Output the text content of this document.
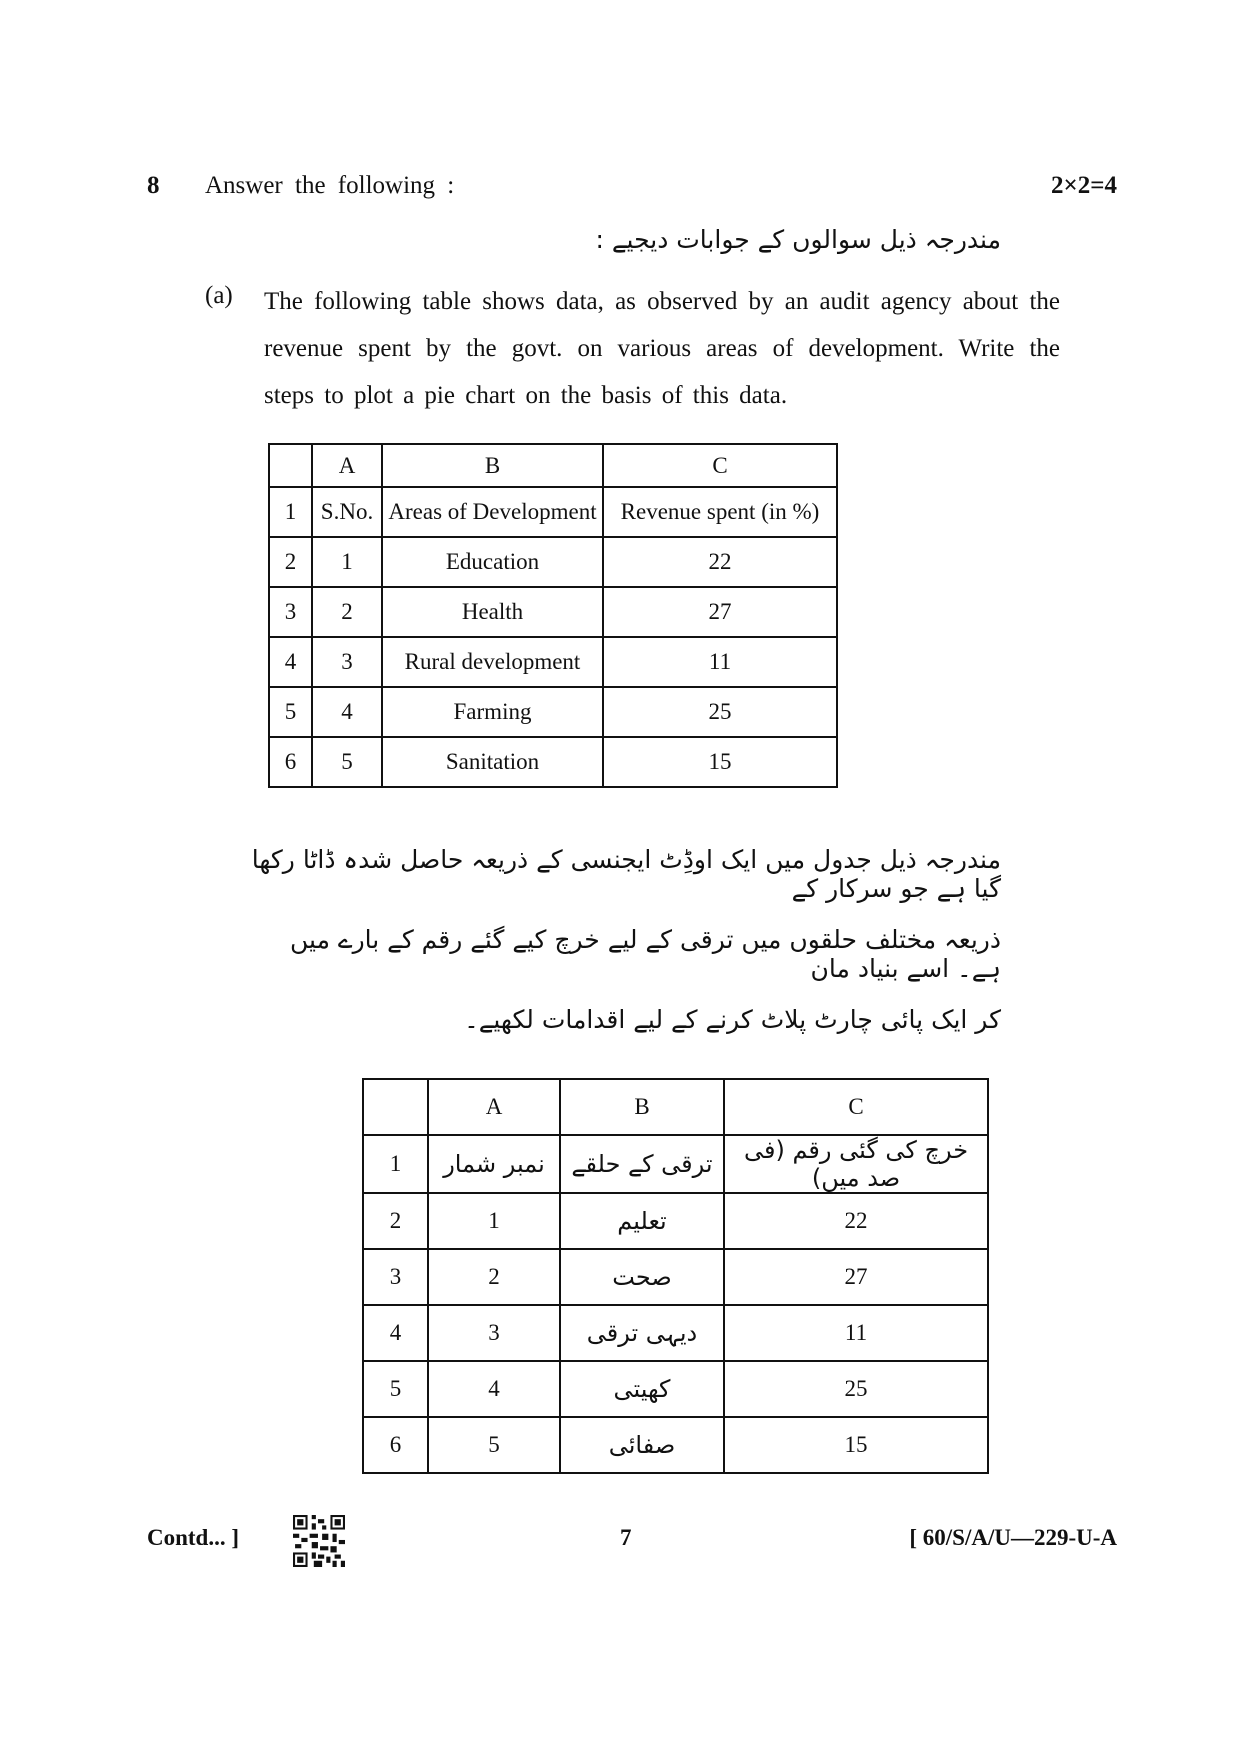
8 Answer the following :	2×2=4
مندرجہ ذیل سوالوں کے جوابات دیجیے :
(a) The following table shows data, as observed by an audit agency about the revenue spent by the govt. on various areas of development. Write the steps to plot a pie chart on the basis of this data.
	A	B	C
1	S.No.	Areas of Development	Revenue spent (in %)
2	1	Education	22
3	2	Health	27
4	3	Rural development	11
5	4	Farming	25
6	5	Sanitation	15
مندرجہ ذیل جدول میں ایک اوڈِٹ ایجنسی کے ذریعہ حاصل شدہ ڈاٹا رکھا گیا ہے جو سرکار کے
ذریعہ مختلف حلقوں میں ترقی کے لیے خرچ کیے گئے رقم کے بارے میں ہے۔ اسے بنیاد مان
کر ایک پائی چارٹ پلاٹ کرنے کے لیے اقدامات لکھیے۔
	A	B	C
1	نمبر شمار	ترقی کے حلقے	خرچ کی گئی رقم (فی صد میں)
2	1	تعلیم	22
3	2	صحت	27
4	3	دیہی ترقی	11
5	4	کھیتی	25
6	5	صفائی	15
Contd... ]	7	[ 60/S/A/U—229-U-A
